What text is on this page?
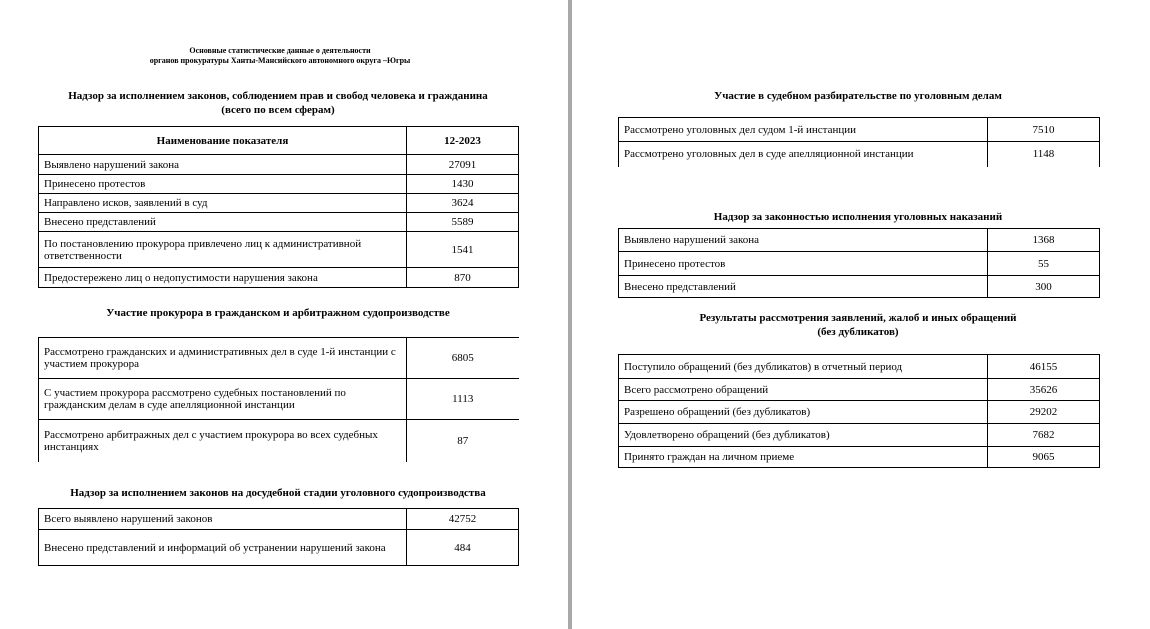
Основные статистические данные о деятельности
органов прокуратуры Ханты-Мансийского автономного округа –Югры
Надзор за исполнением законов, соблюдением прав и свобод человека и гражданина
(всего по всем сферам)
Наименование показателя	12-2023
Выявлено нарушений закона	27091
Принесено протестов	1430
Направлено исков, заявлений в суд	3624
Внесено представлений	5589
По постановлению прокурора привлечено лиц к административной ответственности	1541
Предостережено лиц о недопустимости нарушения закона	870
Участие прокурора в гражданском и арбитражном судопроизводстве
Рассмотрено гражданских и административных дел в суде 1-й инстанции с участием прокурора	6805
С участием прокурора рассмотрено судебных постановлений по гражданским делам в суде апелляционной инстанции	1113
Рассмотрено арбитражных дел с участием прокурора во всех судебных инстанциях	87
Надзор за исполнением законов на досудебной стадии уголовного судопроизводства
Всего выявлено нарушений законов	42752
Внесено представлений и информаций об устранении нарушений закона	484
Участие в судебном разбирательстве по уголовным делам
Рассмотрено уголовных дел судом 1-й инстанции	7510
Рассмотрено уголовных дел в суде апелляционной инстанции	1148
Надзор за законностью исполнения уголовных наказаний
Выявлено нарушений закона	1368
Принесено протестов	55
Внесено представлений	300
Результаты рассмотрения заявлений, жалоб и иных обращений
(без дубликатов)
Поступило обращений (без дубликатов) в отчетный период	46155
Всего рассмотрено обращений	35626
Разрешено обращений (без дубликатов)	29202
Удовлетворено обращений (без дубликатов)	7682
Принято граждан на личном приеме	9065
